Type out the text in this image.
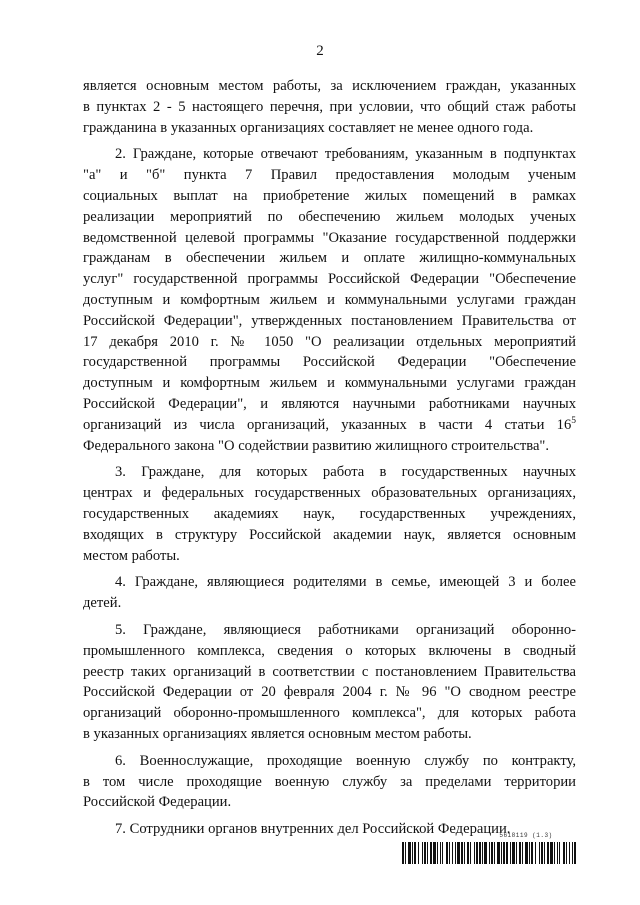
2

является основным местом работы, за исключением граждан, указанных
в пунктах 2 - 5 настоящего перечня, при условии, что общий стаж работы
гражданина в указанных организациях составляет не менее одного года.

2. Граждане, которые отвечают требованиям, указанным в подпунктах
"а" и "б" пункта 7 Правил предоставления молодым ученым
социальных выплат на приобретение жилых помещений в рамках
реализации мероприятий по обеспечению жильем молодых ученых
ведомственной целевой программы "Оказание государственной поддержки
гражданам в обеспечении жильем и оплате жилищно-коммунальных
услуг" государственной программы Российской Федерации "Обеспечение
доступным и комфортным жильем и коммунальными услугами граждан
Российской Федерации", утвержденных постановлением Правительства от
17 декабря 2010 г. № 1050 "О реализации отдельных мероприятий
государственной программы Российской Федерации "Обеспечение
доступным и комфортным жильем и коммунальными услугами граждан
Российской Федерации", и являются научными работниками научных
организаций из числа организаций, указанных в части 4 статьи $16^5$
Федерального закона "О содействии развитию жилищного строительства".

3. Граждане, для которых работа в государственных научных
центрах и федеральных государственных образовательных организациях,
государственных академиях наук, государственных учреждениях,
входящих в структуру Российской академии наук, является основным
местом работы.

4. Граждане, являющиеся родителями в семье, имеющей 3 и более
детей.

5. Граждане, являющиеся работниками организаций оборонно-
промышленного комплекса, сведения о которых включены в сводный
реестр таких организаций в соответствии с постановлением Правительства
Российской Федерации от 20 февраля 2004 г. № 96 "О сводном реестре
организаций оборонно-промышленного комплекса", для которых работа
в указанных организациях является основным местом работы.

6. Военнослужащие, проходящие военную службу по контракту,
в том числе проходящие военную службу за пределами территории
Российской Федерации.

7. Сотрудники органов внутренних дел Российской Федерации.

5618119 (1.3)
